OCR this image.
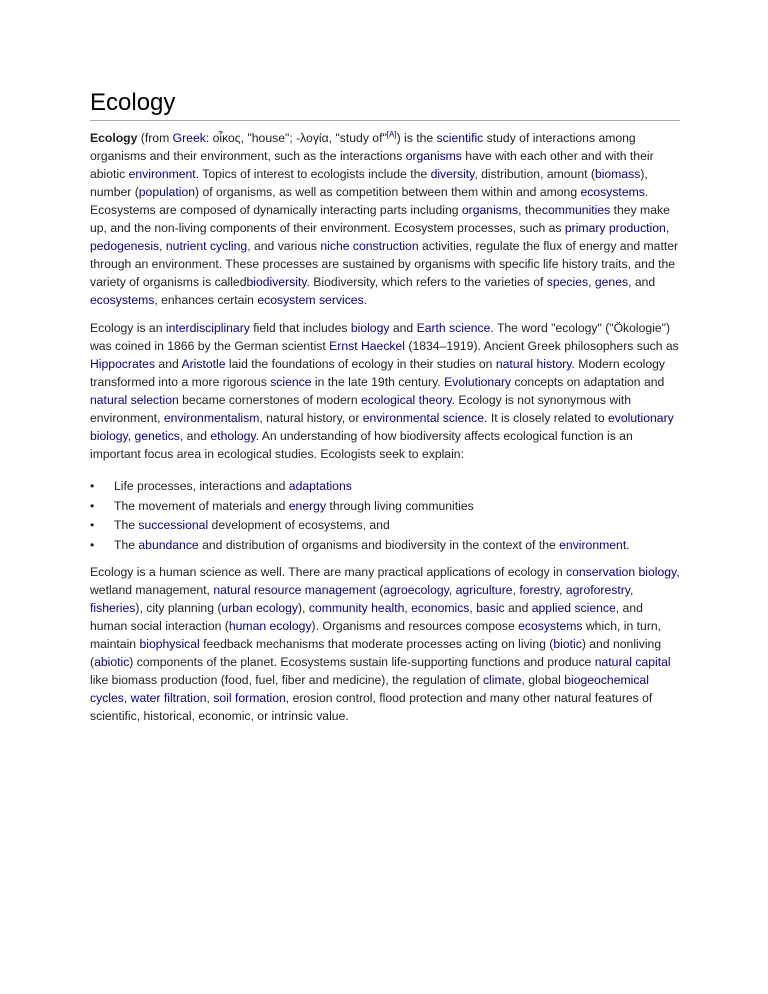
Ecology

Ecology (from Greek: οἶκος, "house"; -λογία, "study of"[A]) is the scientific study of interactions among organisms and their environment, such as the interactions organisms have with each other and with their abiotic environment. Topics of interest to ecologists include the diversity, distribution, amount (biomass), number (population) of organisms, as well as competition between them within and among ecosystems. Ecosystems are composed of dynamically interacting parts including organisms, thecommunities they make up, and the non-living components of their environment. Ecosystem processes, such as primary production, pedogenesis, nutrient cycling, and various niche construction activities, regulate the flux of energy and matter through an environment. These processes are sustained by organisms with specific life history traits, and the variety of organisms is calledbiodiversity. Biodiversity, which refers to the varieties of species, genes, and ecosystems, enhances certain ecosystem services.

Ecology is an interdisciplinary field that includes biology and Earth science. The word "ecology" ("Ökologie") was coined in 1866 by the German scientist Ernst Haeckel (1834–1919). Ancient Greek philosophers such as Hippocrates and Aristotle laid the foundations of ecology in their studies on natural history. Modern ecology transformed into a more rigorous science in the late 19th century. Evolutionary concepts on adaptation and natural selection became cornerstones of modern ecological theory. Ecology is not synonymous with environment, environmentalism, natural history, or environmental science. It is closely related to evolutionary biology, genetics, and ethology. An understanding of how biodiversity affects ecological function is an important focus area in ecological studies. Ecologists seek to explain:

• Life processes, interactions and adaptations
• The movement of materials and energy through living communities
• The successional development of ecosystems, and
• The abundance and distribution of organisms and biodiversity in the context of the environment.

Ecology is a human science as well. There are many practical applications of ecology in conservation biology, wetland management, natural resource management (agroecology, agriculture, forestry, agroforestry, fisheries), city planning (urban ecology), community health, economics, basic and applied science, and human social interaction (human ecology). Organisms and resources compose ecosystems which, in turn, maintain biophysical feedback mechanisms that moderate processes acting on living (biotic) and nonliving (abiotic) components of the planet. Ecosystems sustain life-supporting functions and produce natural capital like biomass production (food, fuel, fiber and medicine), the regulation of climate, global biogeochemical cycles, water filtration, soil formation, erosion control, flood protection and many other natural features of scientific, historical, economic, or intrinsic value.
